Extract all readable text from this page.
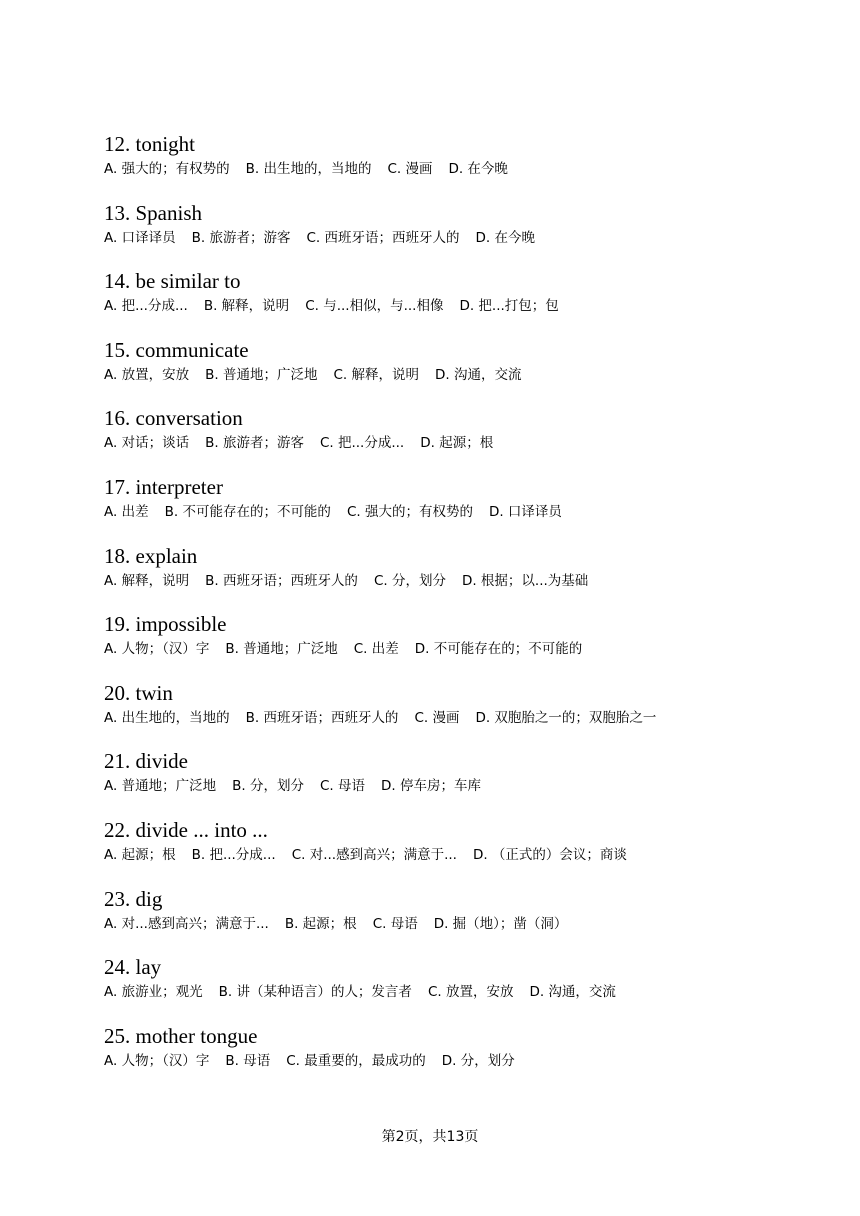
12. tonight
A. 强大的；有权势的 B. 出生地的，当地的 C. 漫画 D. 在今晚
13. Spanish
A. 口译译员 B. 旅游者；游客 C. 西班牙语；西班牙人的 D. 在今晚
14. be similar to
A. 把...分成... B. 解释，说明 C. 与...相似，与...相像 D. 把...打包；包
15. communicate
A. 放置，安放 B. 普通地；广泛地 C. 解释，说明 D. 沟通，交流
16. conversation
A. 对话；谈话 B. 旅游者；游客 C. 把...分成... D. 起源；根
17. interpreter
A. 出差 B. 不可能存在的；不可能的 C. 强大的；有权势的 D. 口译译员
18. explain
A. 解释，说明 B. 西班牙语；西班牙人的 C. 分，划分 D. 根据；以...为基础
19. impossible
A. 人物；（汉）字 B. 普通地；广泛地 C. 出差 D. 不可能存在的；不可能的
20. twin
A. 出生地的，当地的 B. 西班牙语；西班牙人的 C. 漫画 D. 双胞胎之一的；双胞胎之一
21. divide
A. 普通地；广泛地 B. 分，划分 C. 母语 D. 停车房；车库
22. divide ... into ...
A. 起源；根 B. 把...分成... C. 对...感到高兴；满意于... D. （正式的）会议；商谈
23. dig
A. 对...感到高兴；满意于... B. 起源；根 C. 母语 D. 掘（地）；凿（洞）
24. lay
A. 旅游业；观光 B. 讲（某种语言）的人；发言者 C. 放置，安放 D. 沟通，交流
25. mother tongue
A. 人物；（汉）字 B. 母语 C. 最重要的，最成功的 D. 分，划分
第2页，共13页
